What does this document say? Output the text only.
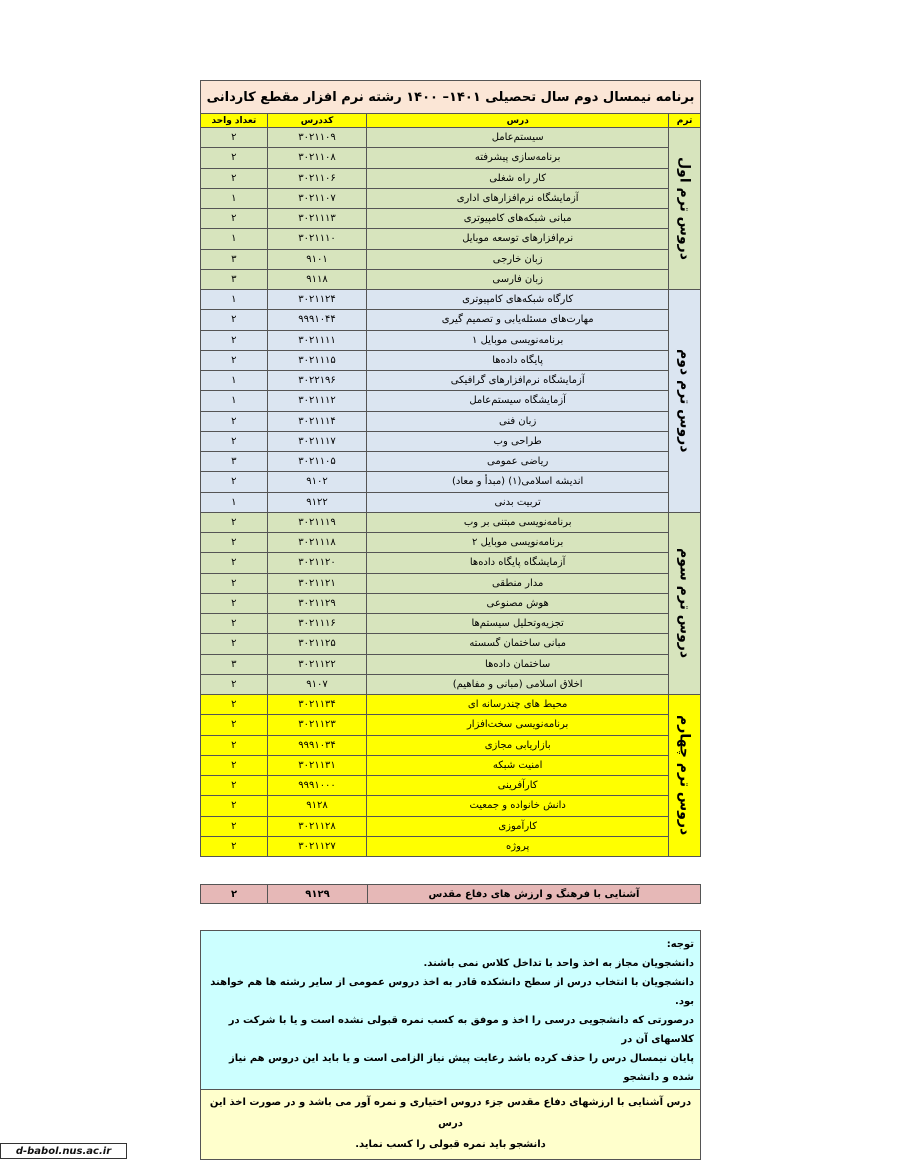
برنامه نیمسال دوم سال تحصیلی ۱۴۰۱– ۱۴۰۰ رشته نرم افزار مقطع کاردانی
تعداد واحد	کددرس	درس	ترم
۲	۳۰۲۱۱۰۹	سیستم‌عامل
۲	۳۰۲۱۱۰۸	برنامه‌سازی پیشرفته
۲	۳۰۲۱۱۰۶	کار راه شغلی
۱	۳۰۲۱۱۰۷	آزمایشگاه نرم‌افزارهای اداری
۲	۳۰۲۱۱۱۳	مبانی شبکه‌های کامپیوتری
۱	۳۰۲۱۱۱۰	نرم‌افزارهای توسعه موبایل
۳	۹۱۰۱	زبان خارجی
۳	۹۱۱۸	زبان فارسی
دروس ترم اول
۱	۳۰۲۱۱۲۴	کارگاه شبکه‌های کامپیوتری
۲	۹۹۹۱۰۴۴	مهارت‌های مسئله‌یابی و تصمیم گیری
۲	۳۰۲۱۱۱۱	برنامه‌نویسی موبایل ۱
۲	۳۰۲۱۱۱۵	پایگاه داده‌ها
۱	۳۰۲۲۱۹۶	آزمایشگاه نرم‌افزارهای گرافیکی
۱	۳۰۲۱۱۱۲	آزمایشگاه سیستم‌عامل
۲	۳۰۲۱۱۱۴	زبان فنی
۲	۳۰۲۱۱۱۷	طراحی وب
۳	۳۰۲۱۱۰۵	ریاضی عمومی
۲	۹۱۰۲	اندیشه اسلامی(۱) (مبدأ و معاد)
۱	۹۱۲۲	تربیت بدنی
دروس ترم دوم
۲	۳۰۲۱۱۱۹	برنامه‌نویسی مبتنی بر وب
۲	۳۰۲۱۱۱۸	برنامه‌نویسی موبایل ۲
۲	۳۰۲۱۱۲۰	آزمایشگاه پایگاه داده‌ها
۲	۳۰۲۱۱۲۱	مدار منطقی
۲	۳۰۲۱۱۲۹	هوش مصنوعی
۲	۳۰۲۱۱۱۶	تجزیه‌وتحلیل سیستم‌ها
۲	۳۰۲۱۱۲۵	مبانی ساختمان گسسته
۳	۳۰۲۱۱۲۲	ساختمان داده‌ها
۲	۹۱۰۷	اخلاق اسلامی (مبانی و مفاهیم)
دروس ترم سوم
۲	۳۰۲۱۱۳۴	محیط های چندرسانه ای
۲	۳۰۲۱۱۲۳	برنامه‌نویسی سخت‌افزار
۲	۹۹۹۱۰۳۴	بازاریابی مجازی
۲	۳۰۲۱۱۳۱	امنیت شبکه
۲	۹۹۹۱۰۰۰	کارآفرینی
۲	۹۱۲۸	دانش خانواده و جمعیت
۲	۳۰۲۱۱۲۸	کارآموزی
۲	۳۰۲۱۱۲۷	پروژه
دروس ترم چهارم
۲	۹۱۲۹	آشنایی با فرهنگ و ارزش های دفاع مقدس
توجه:
دانشجویان مجاز به اخذ واحد با تداخل کلاس نمی باشند.
دانشجویان با انتخاب درس از سطح دانشکده قادر به اخذ دروس عمومی از سایر رشته ها هم خواهند بود.
درصورتی که دانشجویی درسی را اخذ و موفق به کسب نمره قبولی نشده است و یا با شرکت در کلاسهای آن در
پایان نیمسال درس را حذف کرده باشد رعایت پیش نیاز الزامی است و یا باید این دروس هم نیاز شده و دانشجو
درس آشنایی با ارزشهای دفاع مقدس جزء دروس اختیاری و نمره آور می باشد و در صورت اخذ این درس
دانشجو باید نمره قبولی را کسب نماید.
d-babol.nus.ac.ir
